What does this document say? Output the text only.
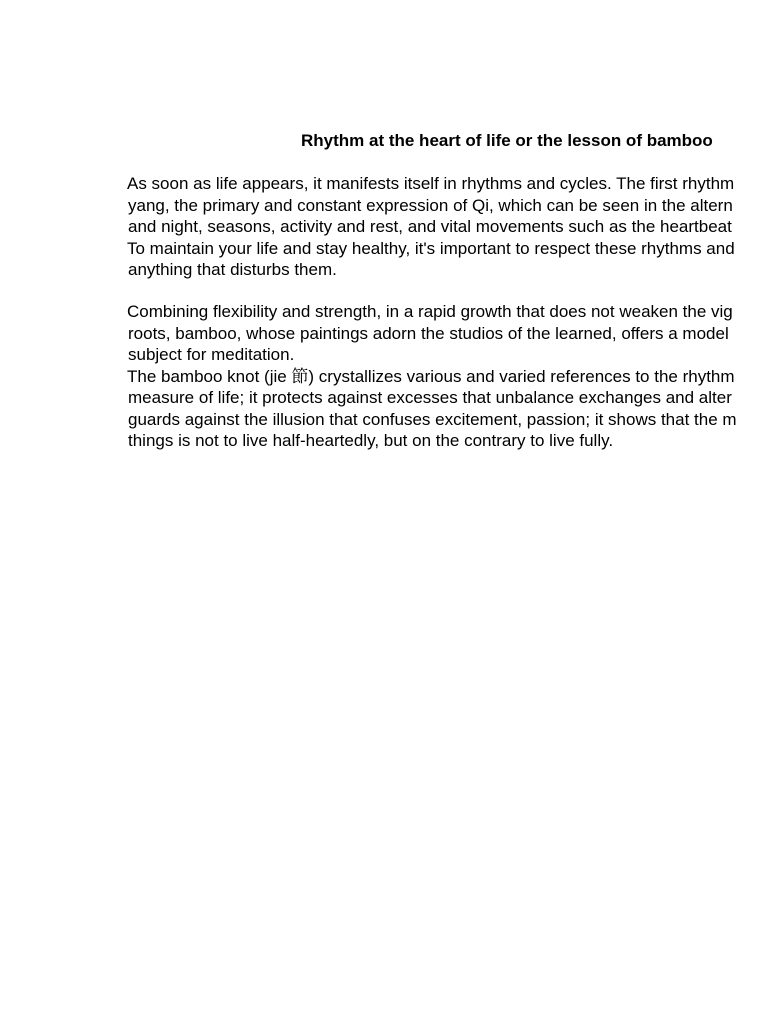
Rhythm at the heart of life or the lesson of bamboo
As soon as life appears, it manifests itself in rhythms and cycles. The first rhythm
yang, the primary and constant expression of Qi, which can be seen in the altern
and night, seasons, activity and rest, and vital movements such as the heartbeat
To maintain your life and stay healthy, it's important to respect these rhythms and
anything that disturbs them.
Combining flexibility and strength, in a rapid growth that does not weaken the vig
roots, bamboo, whose paintings adorn the studios of the learned, offers a model
subject for meditation.
The bamboo knot (jie 節) crystallizes various and varied references to the rhythm
measure of life; it protects against excesses that unbalance exchanges and alter
guards against the illusion that confuses excitement, passion; it shows that the m
things is not to live half-heartedly, but on the contrary to live fully.
